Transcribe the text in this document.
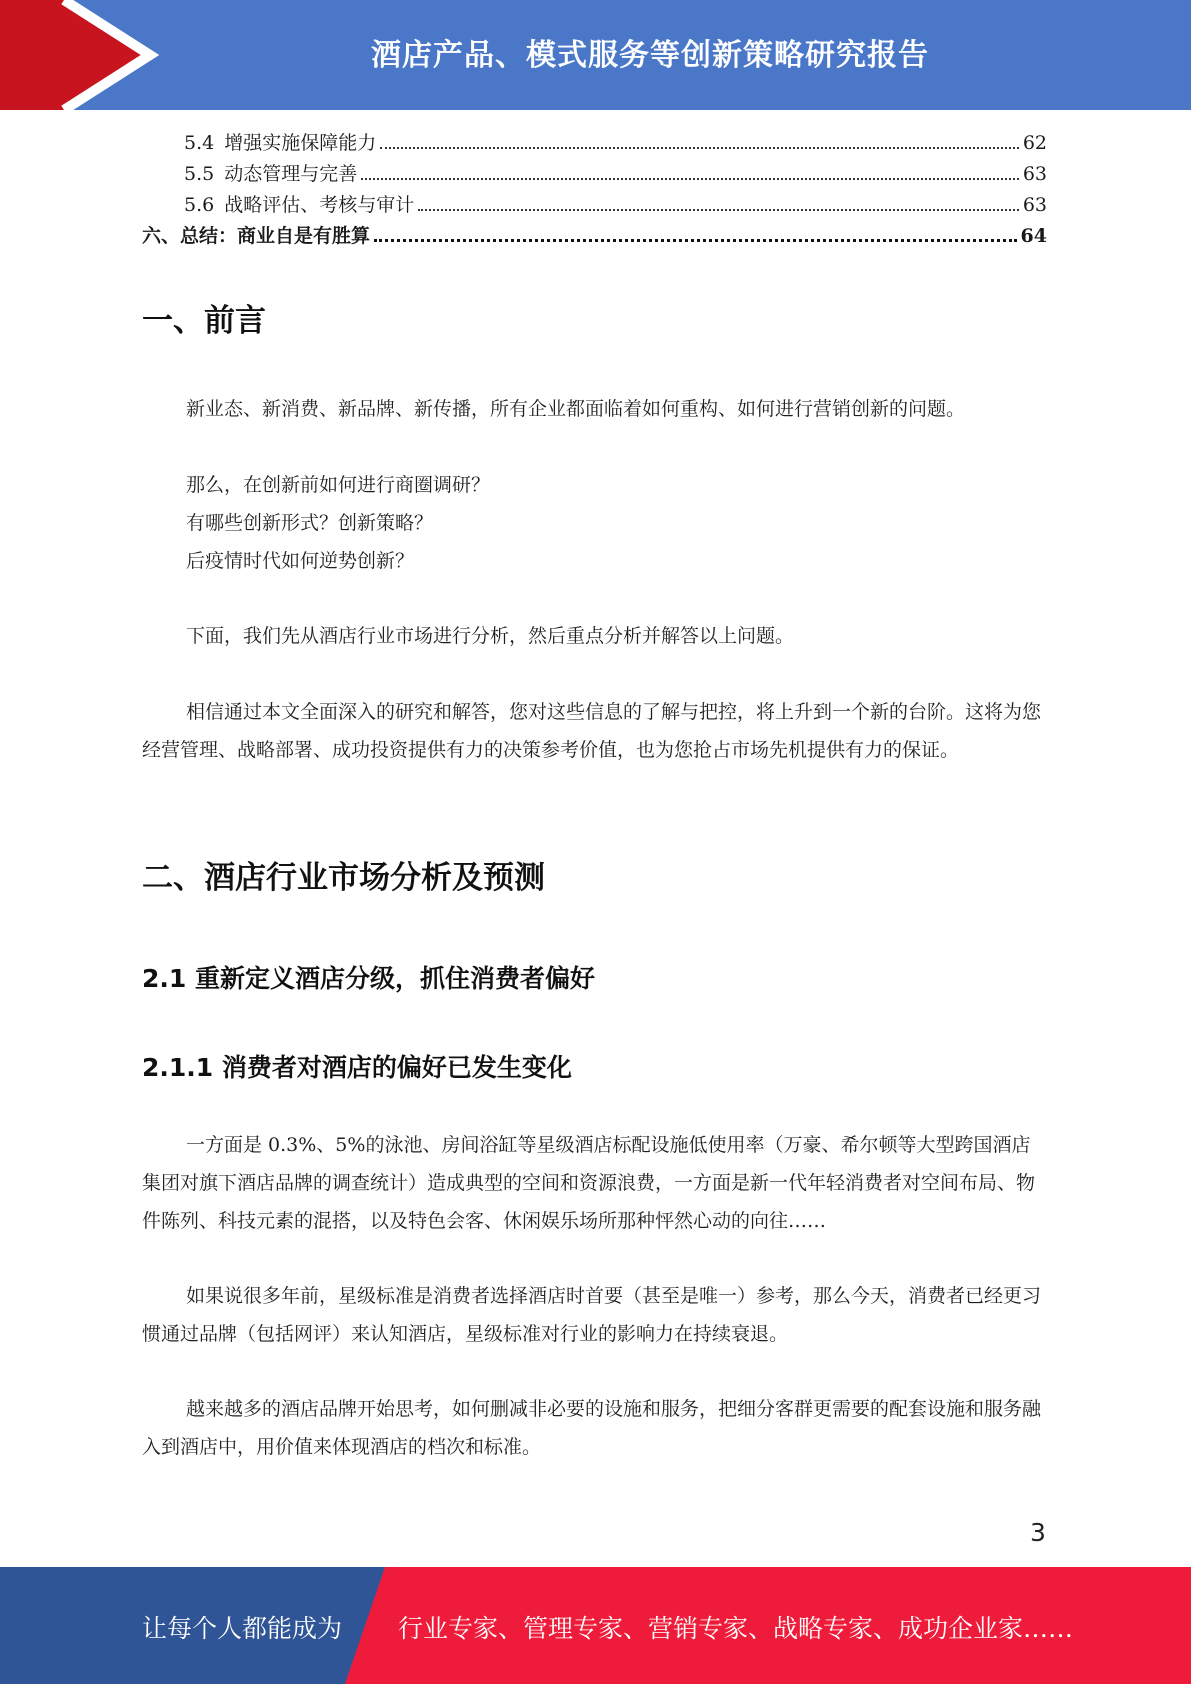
酒店产品、模式服务等创新策略研究报告
5.4 增强实施保障能力	62
5.5 动态管理与完善	63
5.6 战略评估、考核与审计	63
六、总结：商业自是有胜算	64
一、前言
新业态、新消费、新品牌、新传播，所有企业都面临着如何重构、如何进行营销创新的问题。
那么，在创新前如何进行商圈调研？
有哪些创新形式？创新策略？
后疫情时代如何逆势创新？
下面，我们先从酒店行业市场进行分析，然后重点分析并解答以上问题。
相信通过本文全面深入的研究和解答，您对这些信息的了解与把控，将上升到一个新的台阶。这将为您经营管理、战略部署、成功投资提供有力的决策参考价值，也为您抢占市场先机提供有力的保证。
二、酒店行业市场分析及预测
2.1 重新定义酒店分级，抓住消费者偏好
2.1.1 消费者对酒店的偏好已发生变化
一方面是 0.3%、5%的泳池、房间浴缸等星级酒店标配设施低使用率（万豪、希尔顿等大型跨国酒店集团对旗下酒店品牌的调查统计）造成典型的空间和资源浪费，一方面是新一代年轻消费者对空间布局、物件陈列、科技元素的混搭，以及特色会客、休闲娱乐场所那种怦然心动的向往……
如果说很多年前，星级标准是消费者选择酒店时首要（甚至是唯一）参考，那么今天，消费者已经更习惯通过品牌（包括网评）来认知酒店，星级标准对行业的影响力在持续衰退。
越来越多的酒店品牌开始思考，如何删减非必要的设施和服务，把细分客群更需要的配套设施和服务融入到酒店中，用价值来体现酒店的档次和标准。
3
让每个人都能成为 行业专家、管理专家、营销专家、战略专家、成功企业家……
